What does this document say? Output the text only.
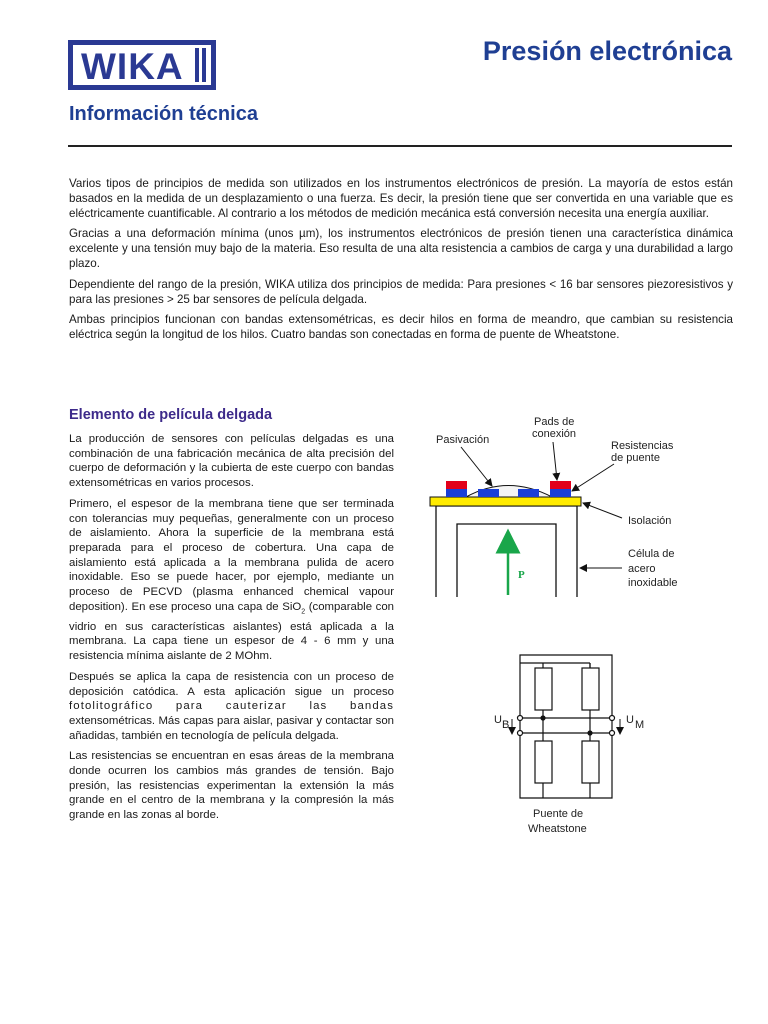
WIKA	Presión electrónica
Información técnica

Varios tipos de principios de medida son utilizados en los instrumentos electrónicos de presión. La mayoría de estos están basados en la medida de un desplazamiento o una fuerza. Es decir, la presión tiene que ser convertida en una variable que es eléctricamente cuantificable. Al contrario a los métodos de medición mecánica está conversión necesita una energía auxiliar.

Gracias a una deformación mínima (unos µm), los instrumentos electrónicos de presión tienen una característica dinámica excelente y una tensión muy bajo de la materia. Eso resulta de una alta resistencia a cambios de carga y una durabilidad a largo plazo.

Dependiente del rango de la presión, WIKA utiliza dos principios de medida: Para presiones < 16 bar sensores piezoresistivos y para las presiones > 25 bar sensores de película delgada.

Ambas principios funcionan con bandas extensométricas, es decir hilos en forma de meandro, que cambian su resistencia eléctrica según la longitud de los hilos. Cuatro bandas son conectadas en forma de puente de Wheatstone.

Elemento de película delgada

La producción de sensores con películas delgadas es una combinación de una fabricación mecánica de alta precisión del cuerpo de deformación y la cubierta de este cuerpo con bandas extensométricas en varios procesos.

Primero, el espesor de la membrana tiene que ser terminada con tolerancias muy pequeñas, generalmente con un proceso de aislamiento. Ahora la superficie de la membrana está preparada para el proceso de cobertura. Una capa de aislamiento está aplicada a la membrana pulida de acero inoxidable. Eso se puede hacer, por ejemplo, mediante un proceso de PECVD (plasma enhanced chemical vapour deposition). En ese proceso una capa de SiO$_2$ (comparable con vidrio en sus características aislantes) está aplicada a la membrana. La capa tiene un espesor de 4 - 6 mm y una resistencia mínima aislante de 2 MOhm.

Después se aplica la capa de resistencia con un proceso de deposición catódica. A esta aplicación sigue un proceso fotolitográfico para cauterizar las bandas extensométricas. Más capas para aislar, pasivar y contactar son añadidas, también en tecnología de película delgada.

Las resistencias se encuentran en esas áreas de la membrana donde ocurren los cambios más grandes de tensión. Bajo presión, las resistencias experimentan la extensión la más grande en el centro de la membrana y la compresión la más grande en las zonas al borde.

P
Pads de
conexión
Pasivación	Resistencias
de puente
Isolación
Célula de
acero
inoxidable
U B	U M
Puente de
Wheatstone
